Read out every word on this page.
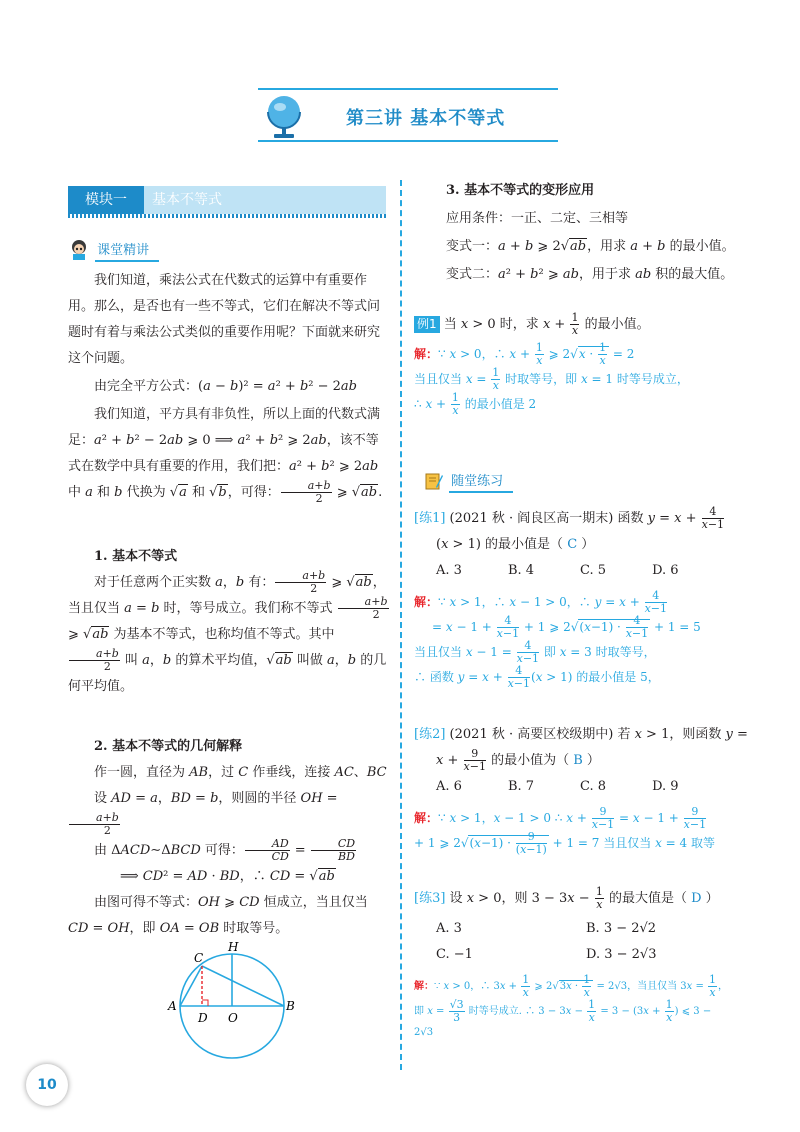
第三讲 基本不等式
模块一	基本不等式
课堂精讲
我们知道，乘法公式在代数式的运算中有重要作用。那么，是否也有一些不等式，它们在解决不等式问题时有着与乘法公式类似的重要作用呢？下面就来研究这个问题。
由完全平方公式：(a − b)² = a² + b² − 2ab
我们知道，平方具有非负性，所以上面的代数式满足：a² + b² − 2ab ⩾ 0 ⟹ a² + b² ⩾ 2ab，该不等式在数学中具有重要的作用，我们把：a² + b² ⩾ 2ab 中 a 和 b 代换为 √a 和 √b，可得： $\frac{a+b}{2}$ ⩾ √ab.
1. 基本不等式
对于任意两个正实数 a，b 有： $\frac{a+b}{2}$ ⩾ √ab，当且仅当 a = b 时，等号成立。我们称不等式 $\frac{a+b}{2}$
⩾ √ab 为基本不等式，也称均值不等式。其中
$\frac{a+b}{2}$ 叫 a，b 的算术平均值，√ab 叫做 a，b 的几何平均值。
2. 基本不等式的几何解释
作一圆，直径为 AB，过 C 作垂线，连接 AC、BC
设 AD = a，BD = b，则圆的半径 OH =
$\frac{a+b}{2}$
由 ΔACD∼ΔBCD 可得： $\frac{AD}{CD} = \frac{CD}{BD}$
⟹ CD² = AD · BD，∴ CD = √ab
由图可得不等式：OH ⩾ CD 恒成立，当且仅当 CD = OH，即 OA = OB 时取等号。
A	B
C
D O
H
3. 基本不等式的变形应用
应用条件：一正、二定、三相等
变式一：a + b ⩾ 2√ab，用求 a + b 的最小值。
变式二：a² + b² ⩾ ab，用于求 ab 积的最大值。
例1 当 x > 0 时，求 $x + \frac{1}{x}$ 的最小值。
解：∵ x > 0，∴ $x + \frac{1}{x}$ ⩾ $2√x \cdot \frac{1}{x} = 2$
当且仅当 $x = \frac{1}{x}$ 时取等号，即 x = 1 时等号成立，
∴ $x + \frac{1}{x}$ 的最小值是 2
随堂练习
[练1] (2021 秋 · 阎良区高一期末) 函数 $y = x + \frac{4}{x-1}$
(x > 1) 的最小值是（ C ）
A. 3	B. 4	C. 5	D. 6
解：∵ x > 1，∴ x − 1 > 0，∴ $y = x + \frac{4}{x-1}$
= $x - 1 + \frac{4}{x-1} + 1$ ⩾ $2√(x-1) \cdot \frac{4}{x-1} + 1 = 5$
当且仅当 $x - 1 = \frac{4}{x-1}$ 即 x = 3 时取等号，
∴ 函数 $y = x + \frac{4}{x-1} (x > 1)$ 的最小值是 5，
[练2] (2021 秋 · 高要区校级期中) 若 x > 1，则函数 y =
$x + \frac{9}{x-1}$ 的最小值为（ B ）
A. 6	B. 7	C. 8	D. 9
解：∵ x > 1，x − 1 > 0 ∴ $x + \frac{9}{x-1} = x - 1 + \frac{9}{x-1}$
+ 1 ⩾ $2√(x-1) \cdot \frac{9}{(x-1)} + 1 = 7$ 当且仅当 x = 4 取等
[练3] 设 x > 0，则 $3 - 3x - \frac{1}{x}$ 的最大值是（ D ）
A. 3	B. 3 − 2√2
C. −1	D. 3 − 2√3
解：∵ x > 0，∴ $3x + \frac{1}{x}$ ⩾ $2√3x \cdot \frac{1}{x} = 2√3$，当且仅当 $3x = \frac{1}{x}$ ，
即 $x = \frac{√3}{3}$ 时等号成立. ∴ $3 - 3x - \frac{1}{x} = 3 - (3x + \frac{1}{x}$ ) ⩽ 3 −
2√3
10
